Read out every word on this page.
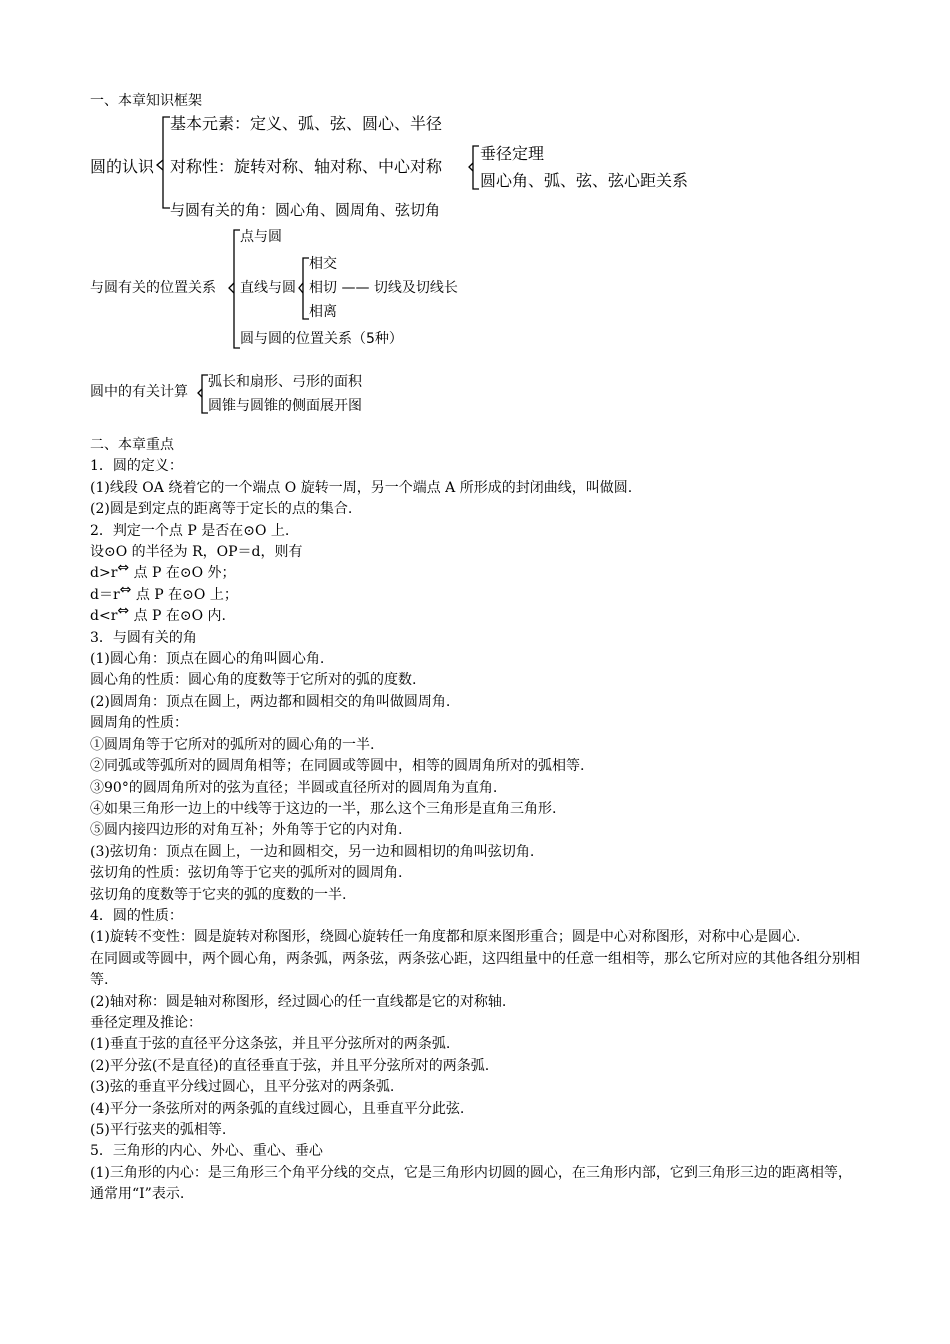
一、本章知识框架
圆的认识
基本元素：定义、弧、弦、圆心、半径
对称性：旋转对称、轴对称、中心对称
与圆有关的角：圆心角、圆周角、弦切角
垂径定理
圆心角、弧、弦、弦心距关系
与圆有关的位置关系
点与圆
直线与圆
圆与圆的位置关系（5种）
相交
相切 —— 切线及切线长
相离
圆中的有关计算
弧长和扇形、弓形的面积
圆锥与圆锥的侧面展开图
二、本章重点
1．圆的定义：
(1)线段 OA 绕着它的一个端点 O 旋转一周，另一个端点 A 所形成的封闭曲线，叫做圆.
(2)圆是到定点的距离等于定长的点的集合.
2．判定一个点 P 是否在⊙O 上.
设⊙O 的半径为 R，OP＝d，则有
d>r⇔ 点 P 在⊙O 外；
d＝r⇔ 点 P 在⊙O 上；
d<r⇔ 点 P 在⊙O 内.
3．与圆有关的角
(1)圆心角：顶点在圆心的角叫圆心角.
圆心角的性质：圆心角的度数等于它所对的弧的度数.
(2)圆周角：顶点在圆上，两边都和圆相交的角叫做圆周角.
圆周角的性质：
①圆周角等于它所对的弧所对的圆心角的一半.
②同弧或等弧所对的圆周角相等；在同圆或等圆中，相等的圆周角所对的弧相等.
③90°的圆周角所对的弦为直径；半圆或直径所对的圆周角为直角.
④如果三角形一边上的中线等于这边的一半，那么这个三角形是直角三角形.
⑤圆内接四边形的对角互补；外角等于它的内对角.
(3)弦切角：顶点在圆上，一边和圆相交，另一边和圆相切的角叫弦切角.
弦切角的性质：弦切角等于它夹的弧所对的圆周角.
弦切角的度数等于它夹的弧的度数的一半.
4．圆的性质：
(1)旋转不变性：圆是旋转对称图形，绕圆心旋转任一角度都和原来图形重合；圆是中心对称图形，对称中心是圆心.
在同圆或等圆中，两个圆心角，两条弧，两条弦，两条弦心距，这四组量中的任意一组相等，那么它所对应的其他各组分别相等.
(2)轴对称：圆是轴对称图形，经过圆心的任一直线都是它的对称轴.
垂径定理及推论：
(1)垂直于弦的直径平分这条弦，并且平分弦所对的两条弧.
(2)平分弦(不是直径)的直径垂直于弦，并且平分弦所对的两条弧.
(3)弦的垂直平分线过圆心，且平分弦对的两条弧.
(4)平分一条弦所对的两条弧的直线过圆心，且垂直平分此弦.
(5)平行弦夹的弧相等.
5．三角形的内心、外心、重心、垂心
(1)三角形的内心：是三角形三个角平分线的交点，它是三角形内切圆的圆心，在三角形内部，它到三角形三边的距离相等，通常用“I”表示.
